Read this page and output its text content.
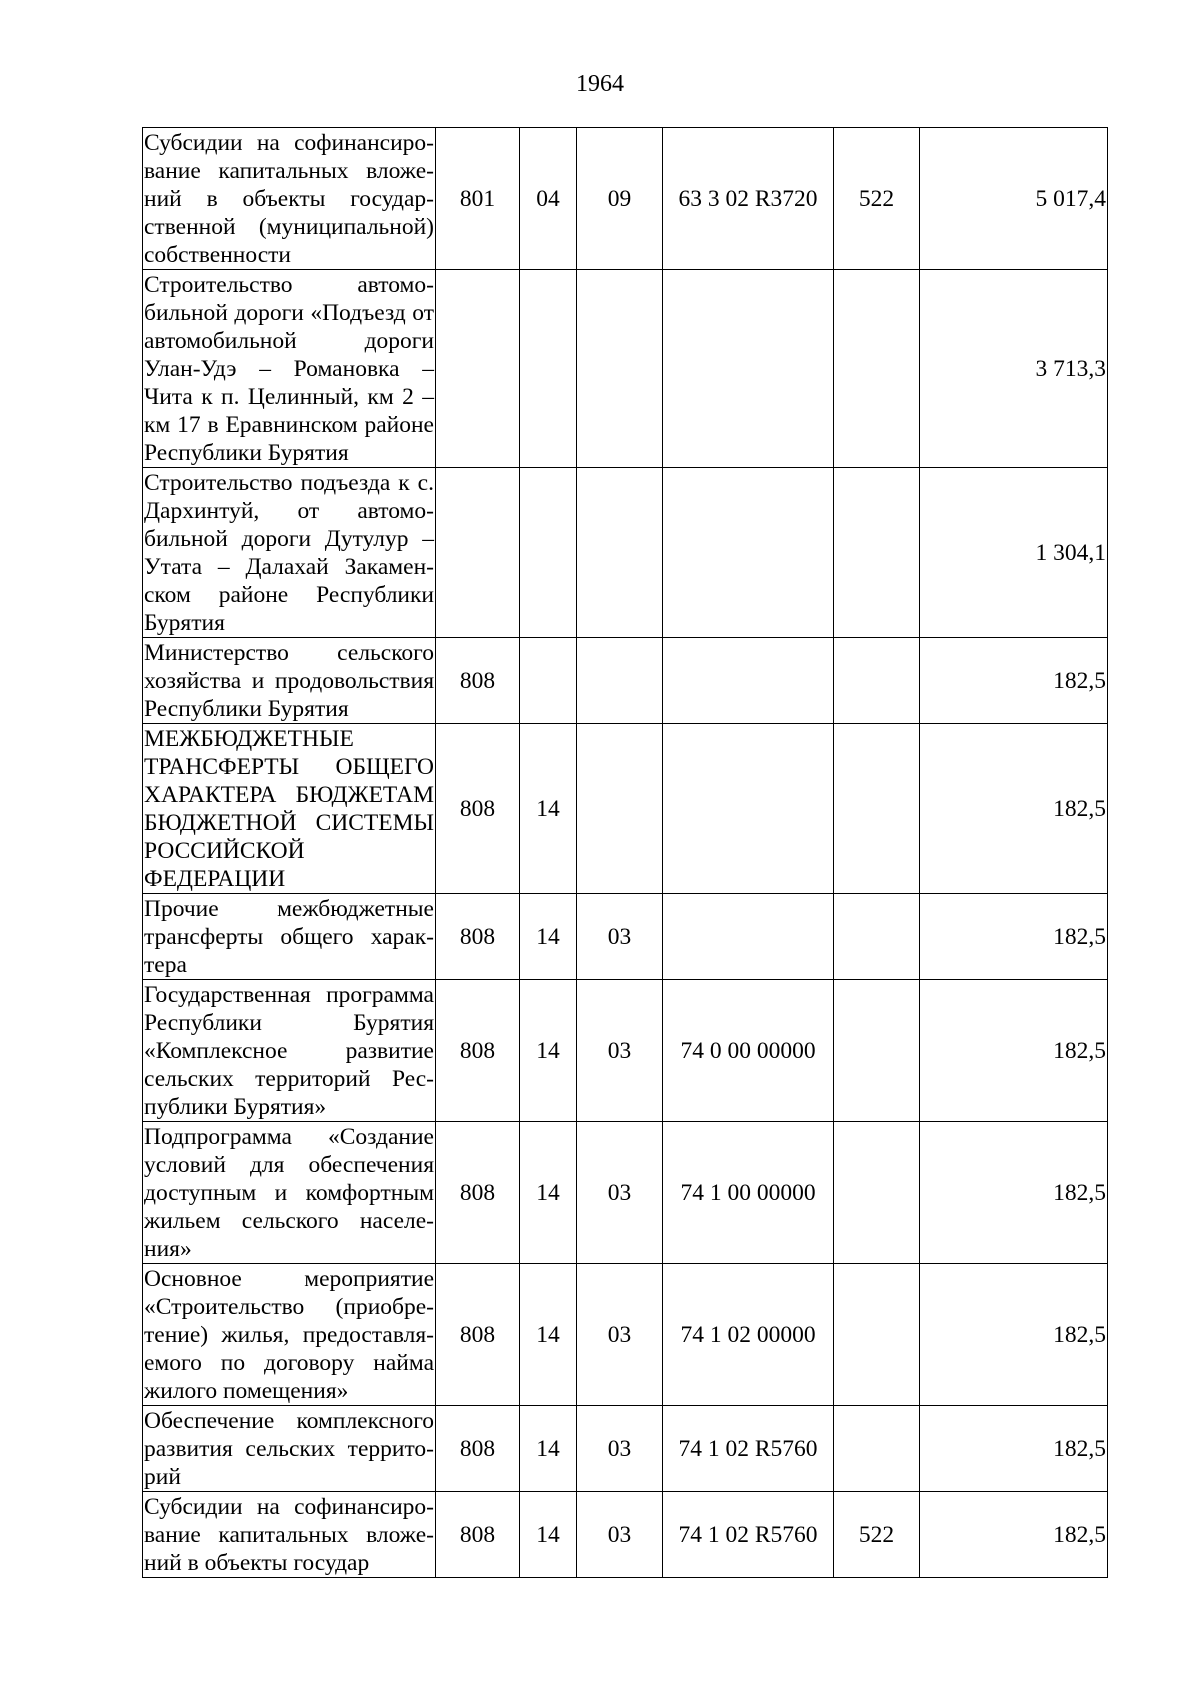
1964
Субсидии на софинансирование капитальных вложений в объекты государственной (муниципальной) собственности	801	04	09	63 3 02 R3720	522	5 017,4
Строительство автомобильной дороги «Подъезд от автомобильной дороги Улан-Удэ – Романовка – Чита к п. Целинный, км 2 – км 17 в Еравнинском районе Республики Бурятия						3 713,3
Строительство подъезда к с. Дархинтуй, от автомобильной дороги Дутулур – Утата – Далахай Закаменском районе Республики Бурятия						1 304,1
Министерство сельского хозяйства и продовольствия Республики Бурятия	808					182,5
МЕЖБЮДЖЕТНЫЕ ТРАНСФЕРТЫ ОБЩЕГО ХАРАКТЕРА БЮДЖЕТАМ БЮДЖЕТНОЙ СИСТЕМЫ РОССИЙСКОЙ ФЕДЕРАЦИИ	808	14				182,5
Прочие межбюджетные трансферты общего характера	808	14	03			182,5
Государственная программа Республики Бурятия «Комплексное развитие сельских территорий Республики Бурятия»	808	14	03	74 0 00 00000		182,5
Подпрограмма «Создание условий для обеспечения доступным и комфортным жильем сельского населения»	808	14	03	74 1 00 00000		182,5
Основное мероприятие «Строительство (приобретение) жилья, предоставляемого по договору найма жилого помещения»	808	14	03	74 1 02 00000		182,5
Обеспечение комплексного развития сельских территорий	808	14	03	74 1 02 R5760		182,5
Субсидии на софинансирование капитальных вложений в объекты государ	808	14	03	74 1 02 R5760	522	182,5
